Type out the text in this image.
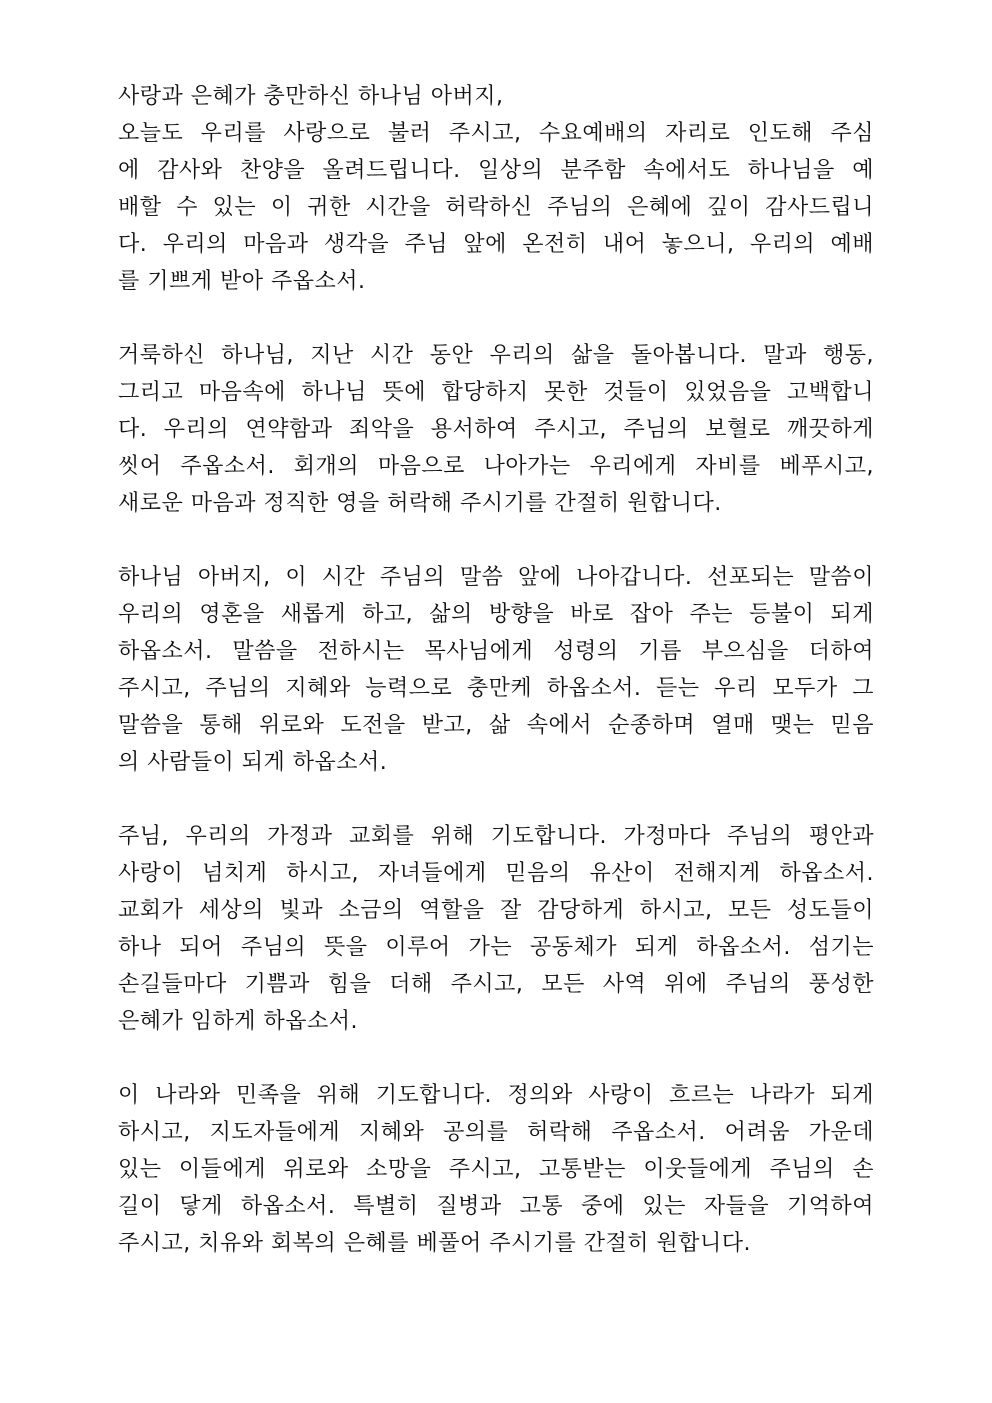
사랑과 은혜가 충만하신 하나님 아버지,
오늘도 우리를 사랑으로 불러 주시고, 수요예배의 자리로 인도해 주심
에 감사와 찬양을 올려드립니다. 일상의 분주함 속에서도 하나님을 예
배할 수 있는 이 귀한 시간을 허락하신 주님의 은혜에 깊이 감사드립니
다. 우리의 마음과 생각을 주님 앞에 온전히 내어 놓으니, 우리의 예배
를 기쁘게 받아 주옵소서.
거룩하신 하나님, 지난 시간 동안 우리의 삶을 돌아봅니다. 말과 행동,
그리고 마음속에 하나님 뜻에 합당하지 못한 것들이 있었음을 고백합니
다. 우리의 연약함과 죄악을 용서하여 주시고, 주님의 보혈로 깨끗하게
씻어 주옵소서. 회개의 마음으로 나아가는 우리에게 자비를 베푸시고,
새로운 마음과 정직한 영을 허락해 주시기를 간절히 원합니다.
하나님 아버지, 이 시간 주님의 말씀 앞에 나아갑니다. 선포되는 말씀이
우리의 영혼을 새롭게 하고, 삶의 방향을 바로 잡아 주는 등불이 되게
하옵소서. 말씀을 전하시는 목사님에게 성령의 기름 부으심을 더하여
주시고, 주님의 지혜와 능력으로 충만케 하옵소서. 듣는 우리 모두가 그
말씀을 통해 위로와 도전을 받고, 삶 속에서 순종하며 열매 맺는 믿음
의 사람들이 되게 하옵소서.
주님, 우리의 가정과 교회를 위해 기도합니다. 가정마다 주님의 평안과
사랑이 넘치게 하시고, 자녀들에게 믿음의 유산이 전해지게 하옵소서.
교회가 세상의 빛과 소금의 역할을 잘 감당하게 하시고, 모든 성도들이
하나 되어 주님의 뜻을 이루어 가는 공동체가 되게 하옵소서. 섬기는
손길들마다 기쁨과 힘을 더해 주시고, 모든 사역 위에 주님의 풍성한
은혜가 임하게 하옵소서.
이 나라와 민족을 위해 기도합니다. 정의와 사랑이 흐르는 나라가 되게
하시고, 지도자들에게 지혜와 공의를 허락해 주옵소서. 어려움 가운데
있는 이들에게 위로와 소망을 주시고, 고통받는 이웃들에게 주님의 손
길이 닿게 하옵소서. 특별히 질병과 고통 중에 있는 자들을 기억하여
주시고, 치유와 회복의 은혜를 베풀어 주시기를 간절히 원합니다.
